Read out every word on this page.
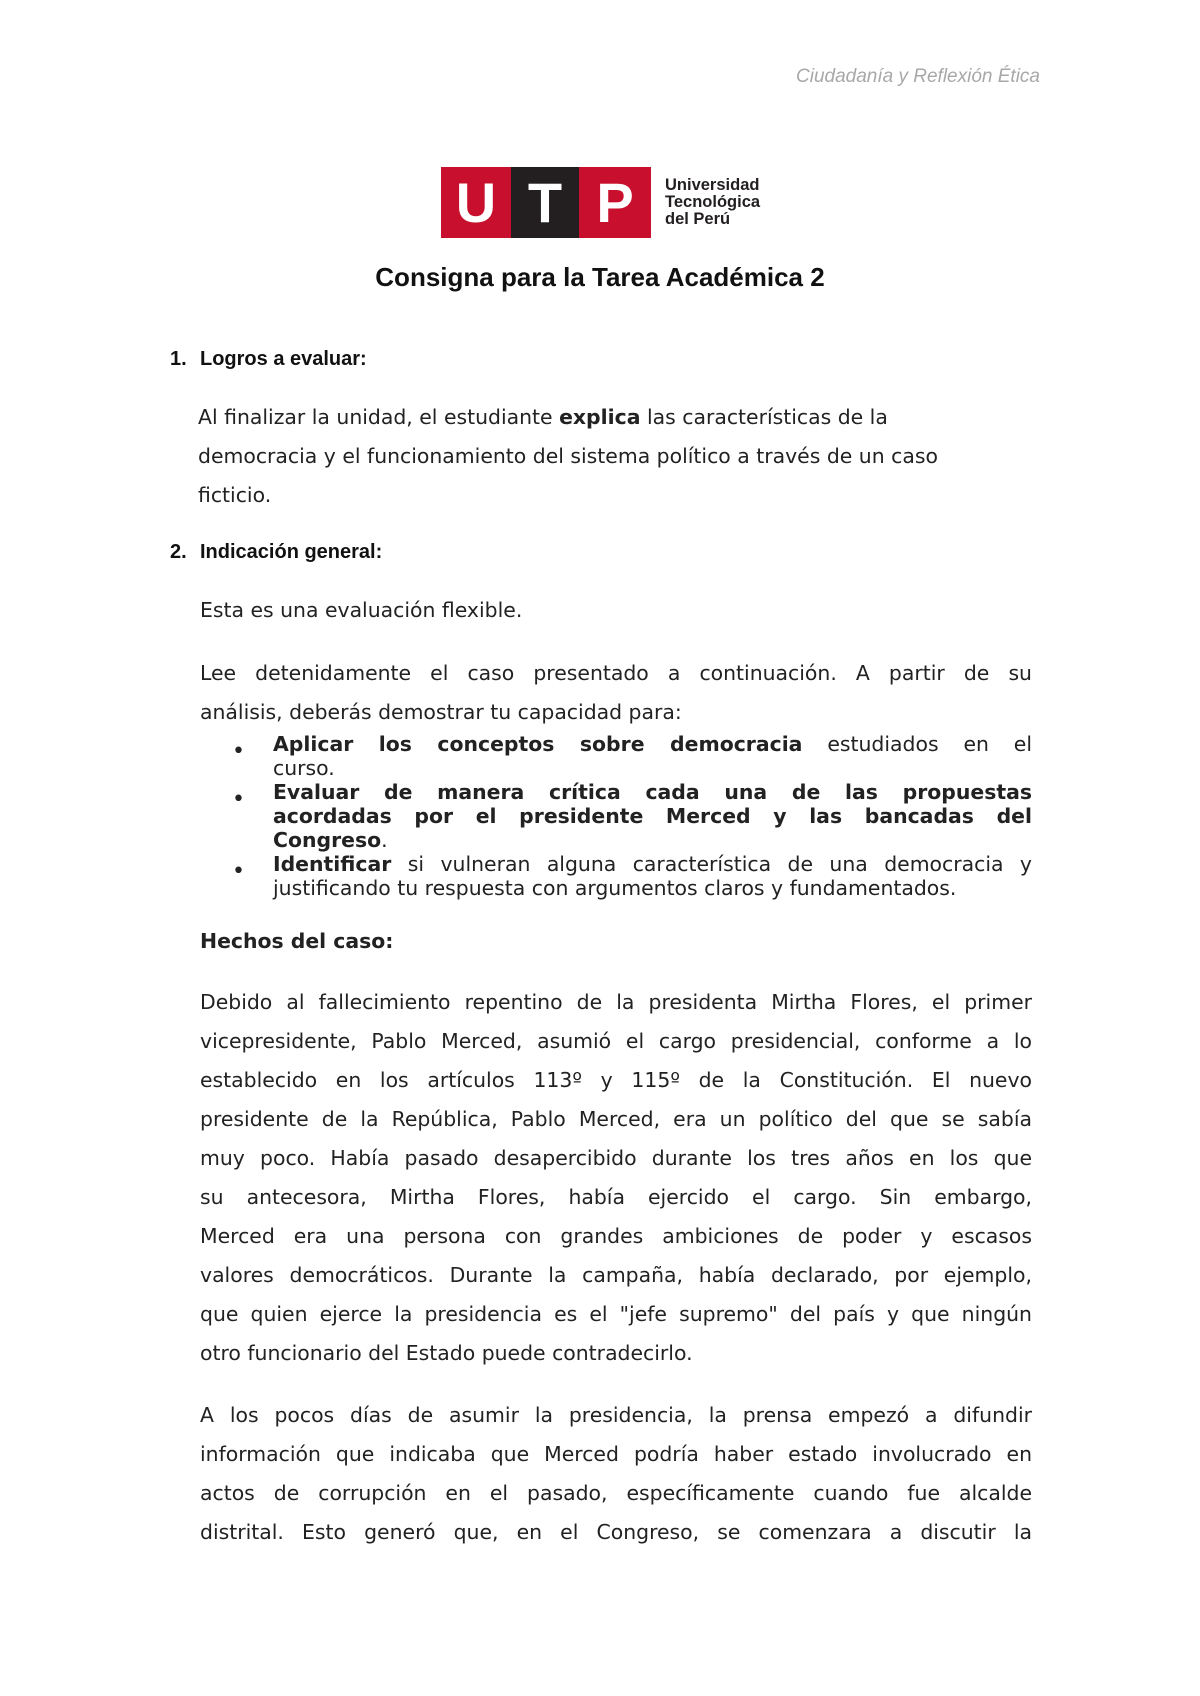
Ciudadanía y Reflexión Ética
U T P	Universidad
Tecnológica
del Perú
Consigna para la Tarea Académica 2
1. Logros a evaluar:

Al finalizar la unidad, el estudiante explica las características de la
democracia y el funcionamiento del sistema político a través de un caso
ficticio.

2. Indicación general:

Esta es una evaluación flexible.

Lee detenidamente el caso presentado a continuación. A partir de su
análisis, deberás demostrar tu capacidad para:

• Aplicar los conceptos sobre democracia estudiados en el
curso.
• Evaluar de manera crítica cada una de las propuestas
acordadas por el presidente Merced y las bancadas del
Congreso.
• Identificar si vulneran alguna característica de una democracia y
justificando tu respuesta con argumentos claros y fundamentados.

Hechos del caso:

Debido al fallecimiento repentino de la presidenta Mirtha Flores, el primer
vicepresidente, Pablo Merced, asumió el cargo presidencial, conforme a lo
establecido en los artículos 113º y 115º de la Constitución. El nuevo
presidente de la República, Pablo Merced, era un político del que se sabía
muy poco. Había pasado desapercibido durante los tres años en los que
su antecesora, Mirtha Flores, había ejercido el cargo. Sin embargo,
Merced era una persona con grandes ambiciones de poder y escasos
valores democráticos. Durante la campaña, había declarado, por ejemplo,
que quien ejerce la presidencia es el "jefe supremo" del país y que ningún
otro funcionario del Estado puede contradecirlo.

A los pocos días de asumir la presidencia, la prensa empezó a difundir
información que indicaba que Merced podría haber estado involucrado en
actos de corrupción en el pasado, específicamente cuando fue alcalde
distrital. Esto generó que, en el Congreso, se comenzara a discutir la
